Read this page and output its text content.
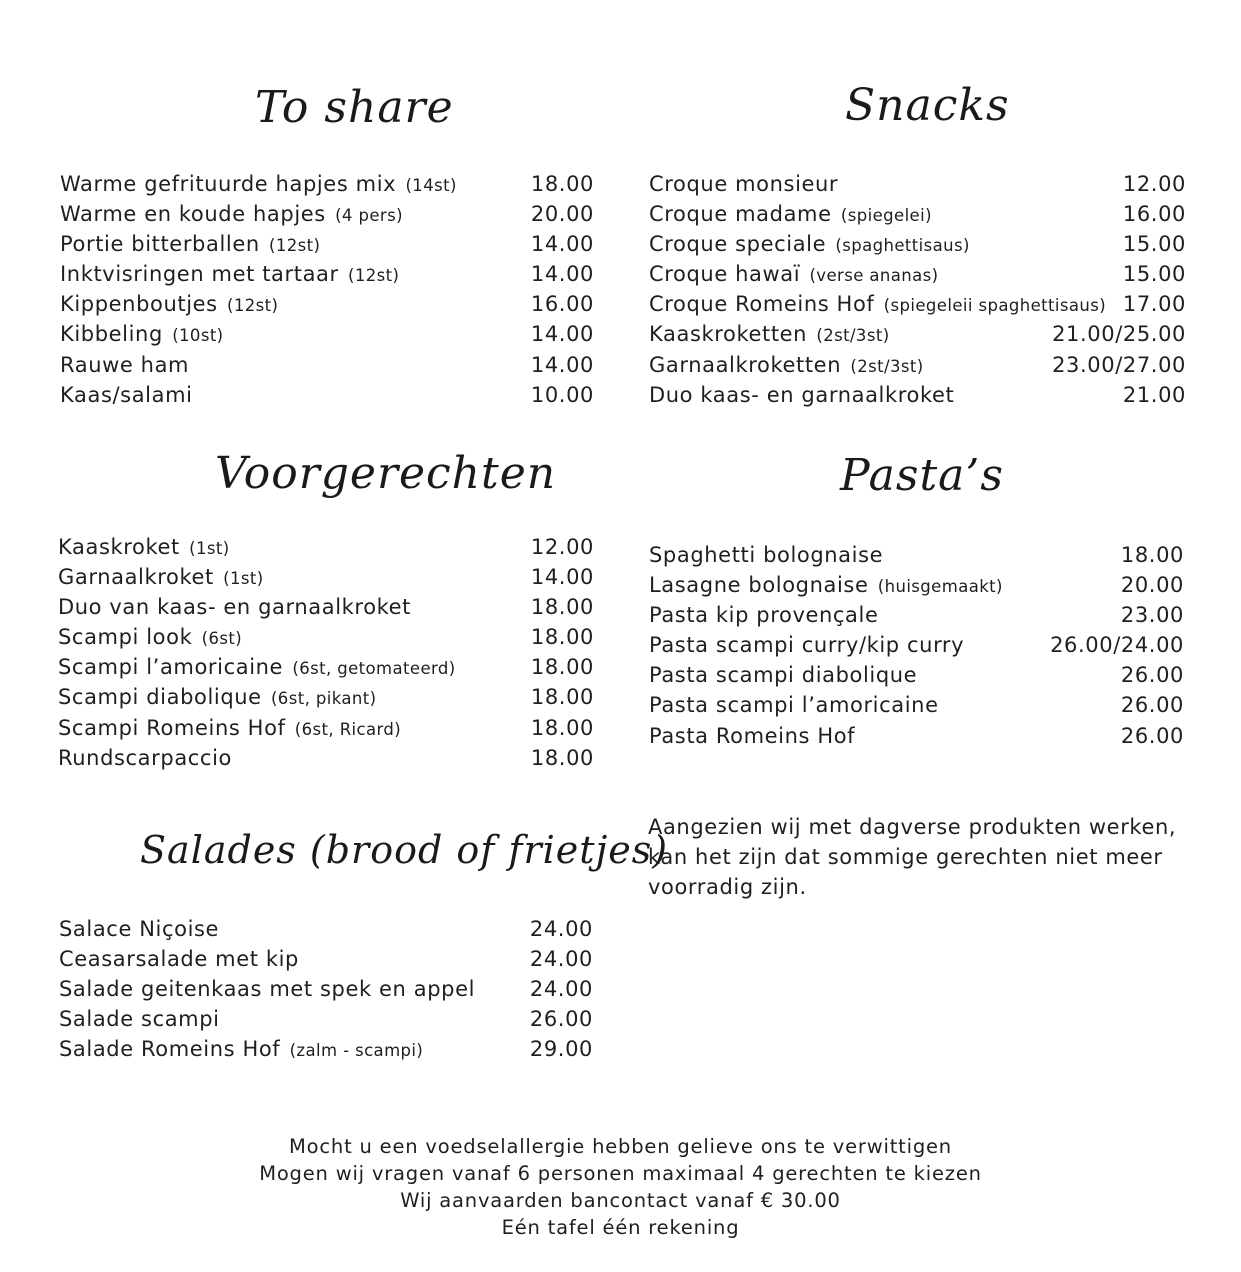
To share
Warme gefrituurde hapjes mix (14st)	18.00
Warme en koude hapjes (4 pers)	20.00
Portie bitterballen (12st)	14.00
Inktvisringen met tartaar (12st)	14.00
Kippenboutjes (12st)	16.00
Kibbeling (10st)	14.00
Rauwe ham	14.00
Kaas/salami	10.00
Snacks
Croque monsieur	12.00
Croque madame (spiegelei)	16.00
Croque speciale (spaghettisaus)	15.00
Croque hawaï (verse ananas)	15.00
Croque Romeins Hof (spiegeleii spaghettisaus) 17.00
Kaaskroketten (2st/3st)	21.00/25.00
Garnaalkroketten (2st/3st)	23.00/27.00
Duo kaas- en garnaalkroket	21.00
Voorgerechten
Kaaskroket (1st)	12.00
Garnaalkroket (1st)	14.00
Duo van kaas- en garnaalkroket	18.00
Scampi look (6st)	18.00
Scampi l’amoricaine (6st, getomateerd)	18.00
Scampi diabolique (6st, pikant)	18.00
Scampi Romeins Hof (6st, Ricard)	18.00
Rundscarpaccio	18.00
Pasta’s
Spaghetti bolognaise	18.00
Lasagne bolognaise (huisgemaakt)	20.00
Pasta kip provençale	23.00
Pasta scampi curry/kip curry	26.00/24.00
Pasta scampi diabolique	26.00
Pasta scampi l’amoricaine	26.00
Pasta Romeins Hof	26.00
Salades (brood of frietjes)
Salace Niçoise	24.00
Ceasarsalade met kip	24.00
Salade geitenkaas met spek en appel	24.00
Salade scampi	26.00
Salade Romeins Hof (zalm - scampi)	29.00
Aangezien wij met dagverse produkten werken,
kan het zijn dat sommige gerechten niet meer
voorradig zijn.
Mocht u een voedselallergie hebben gelieve ons te verwittigen
Mogen wij vragen vanaf 6 personen maximaal 4 gerechten te kiezen
Wij aanvaarden bancontact vanaf € 30.00
Eén tafel één rekening
